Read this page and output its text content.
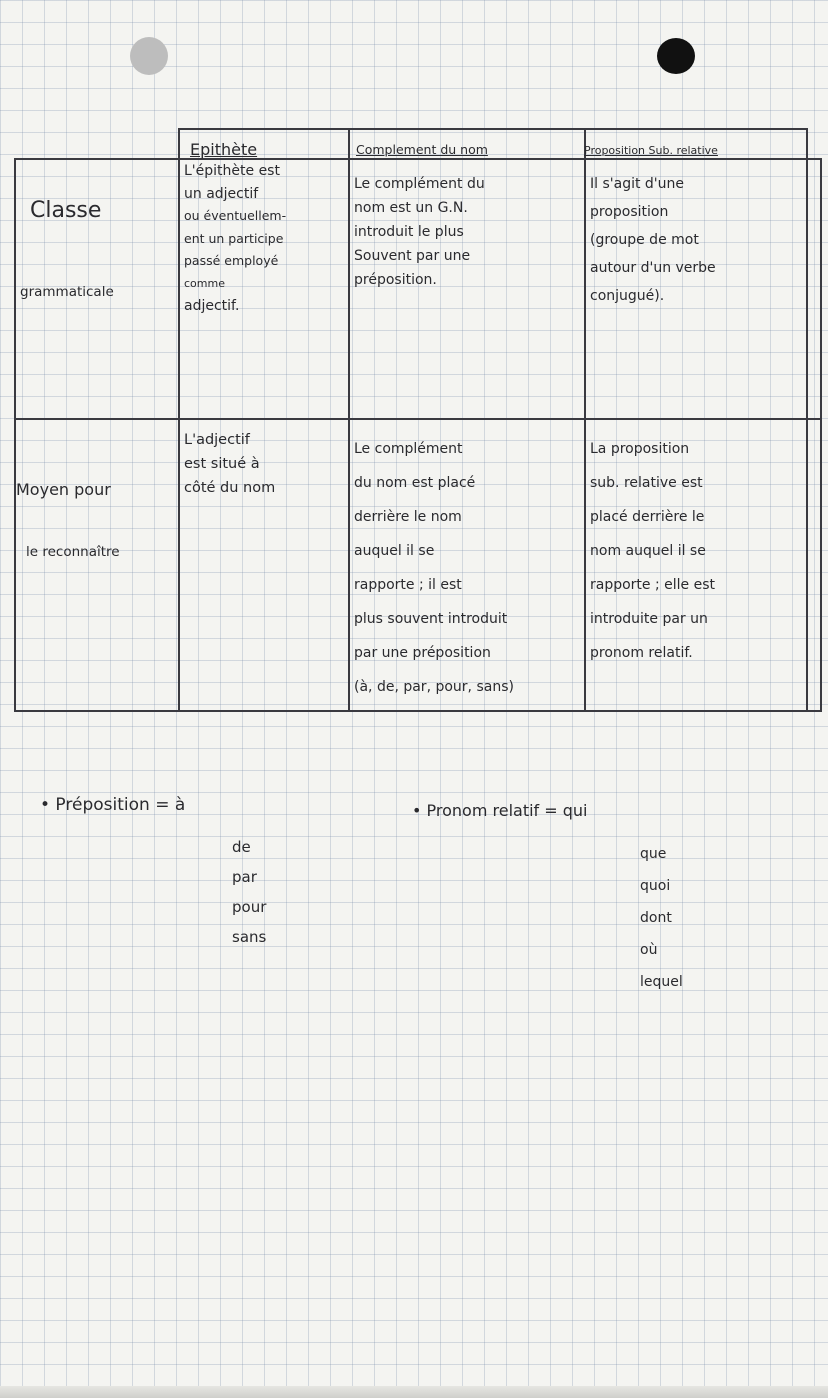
Epithète	Complement du nom	Proposition Sub. relative
Classe
grammaticale
L'épithète est
un adjectif
ou éventuellem-
ent un participe
passé employé
comme
adjectif.
Le complément du
nom est un G.N.
introduit le plus
Souvent par une
préposition.
Il s'agit d'une
proposition
(groupe de mot
autour d'un verbe
conjugué).
Moyen pour
le reconnaître
L'adjectif
est situé à
côté du nom
Le complément
du nom est placé
derrière le nom
auquel il se
rapporte ; il est
plus souvent introduit
par une préposition
(à, de, par, pour, sans)
La proposition
sub. relative est
placé derrière le
nom auquel il se
rapporte ; elle est
introduite par un
pronom relatif.
• Préposition = à
de
par
pour
sans
• Pronom relatif = qui
que
quoi
dont
où
lequel
